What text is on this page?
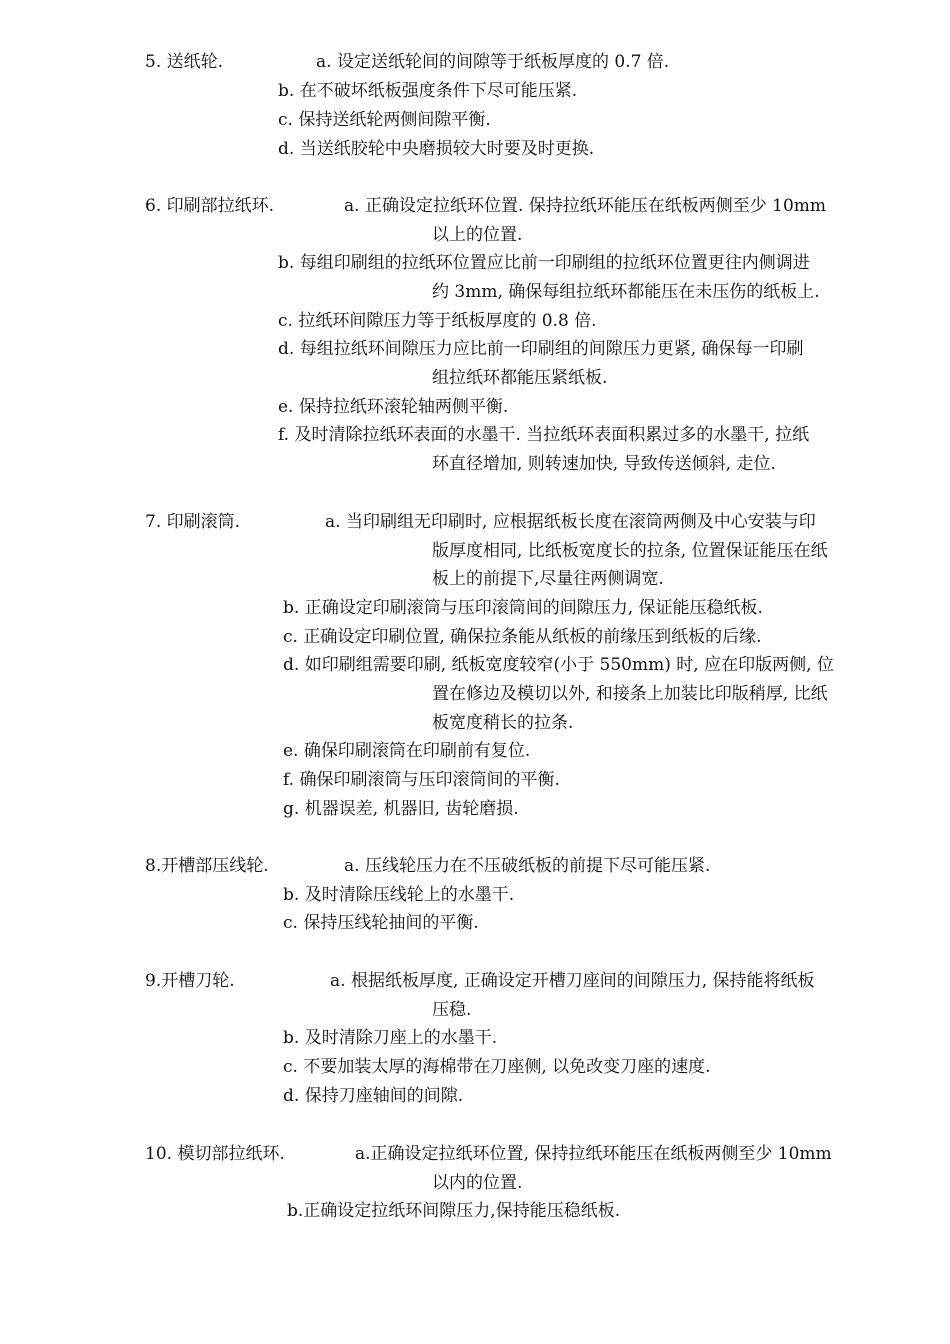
5. 送纸轮.	a. 设定送纸轮间的间隙等于纸板厚度的 0.7 倍.
b. 在不破坏纸板强度条件下尽可能压紧.
c. 保持送纸轮两侧间隙平衡.
d. 当送纸胶轮中央磨损较大时要及时更换.
6. 印刷部拉纸环.	a. 正确设定拉纸环位置. 保持拉纸环能压在纸板两侧至少 10mm
以上的位置.
b. 每组印刷组的拉纸环位置应比前一印刷组的拉纸环位置更往内侧调进
约 3mm, 确保每组拉纸环都能压在未压伤的纸板上.
c. 拉纸环间隙压力等于纸板厚度的 0.8 倍.
d. 每组拉纸环间隙压力应比前一印刷组的间隙压力更紧, 确保每一印刷
组拉纸环都能压紧纸板.
e. 保持拉纸环滚轮轴两侧平衡.
f. 及时清除拉纸环表面的水墨干. 当拉纸环表面积累过多的水墨干, 拉纸
环直径增加, 则转速加快, 导致传送倾斜, 走位.
7. 印刷滚筒.	a. 当印刷组无印刷时, 应根据纸板长度在滚筒两侧及中心安装与印
版厚度相同, 比纸板宽度长的拉条, 位置保证能压在纸
板上的前提下,尽量往两侧调宽.
b. 正确设定印刷滚筒与压印滚筒间的间隙压力, 保证能压稳纸板.
c. 正确设定印刷位置, 确保拉条能从纸板的前缘压到纸板的后缘.
d. 如印刷组需要印刷, 纸板宽度较窄(小于 550mm) 时, 应在印版两侧, 位
置在修边及模切以外, 和接条上加装比印版稍厚, 比纸
板宽度稍长的拉条.
e. 确保印刷滚筒在印刷前有复位.
f. 确保印刷滚筒与压印滚筒间的平衡.
g. 机器误差, 机器旧, 齿轮磨损.
8.开槽部压线轮.	a. 压线轮压力在不压破纸板的前提下尽可能压紧.
b. 及时清除压线轮上的水墨干.
c. 保持压线轮抽间的平衡.
9.开槽刀轮.	a. 根据纸板厚度, 正确设定开槽刀座间的间隙压力, 保持能将纸板
压稳.
b. 及时清除刀座上的水墨干.
c. 不要加装太厚的海棉带在刀座侧, 以免改变刀座的速度.
d. 保持刀座轴间的间隙.
10. 模切部拉纸环.	a.正确设定拉纸环位置, 保持拉纸环能压在纸板两侧至少 10mm
以内的位置.
b.正确设定拉纸环间隙压力,保持能压稳纸板.
